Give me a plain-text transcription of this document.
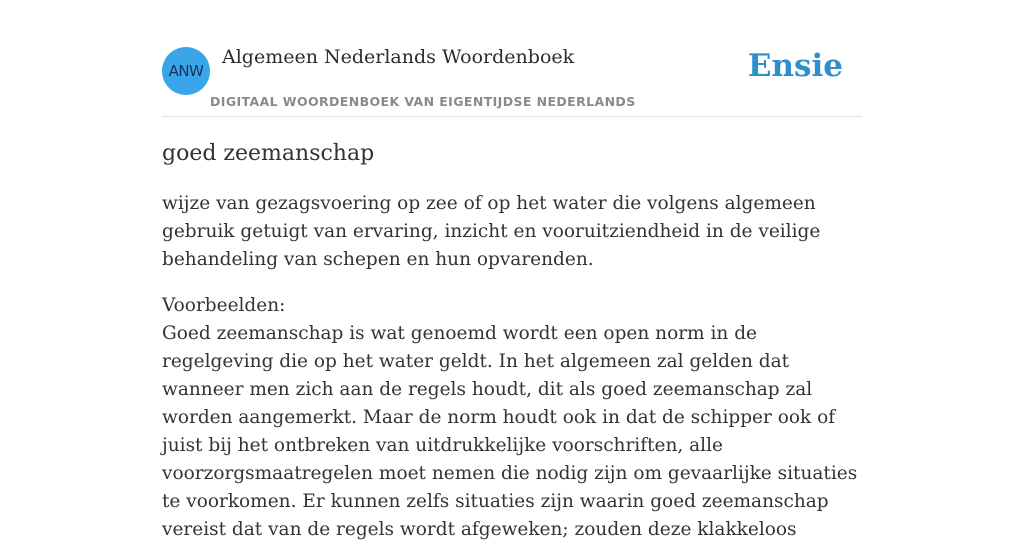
ANW
Algemeen Nederlands Woordenboek
DIGITAAL WOORDENBOEK VAN EIGENTIJDSE NEDERLANDS
Ensie
goed zeemanschap

wijze van gezagsvoering op zee of op het water die volgens algemeen gebruik getuigt van ervaring, inzicht en vooruitziendheid in de veilige behandeling van schepen en hun opvarenden.

Voorbeelden:
Goed zeemanschap is wat genoemd wordt een open norm in de regelgeving die op het water geldt. In het algemeen zal gelden dat wanneer men zich aan de regels houdt, dit als goed zeemanschap zal worden aangemerkt. Maar de norm houdt ook in dat de schipper ook of juist bij het ontbreken van uitdrukkelijke voorschriften, alle voorzorgsmaatregelen moet nemen die nodig zijn om gevaarlijke situaties te voorkomen. Er kunnen zelfs situaties zijn waarin goed zeemanschap vereist dat van de regels wordt afgeweken; zouden deze klakkeloos
